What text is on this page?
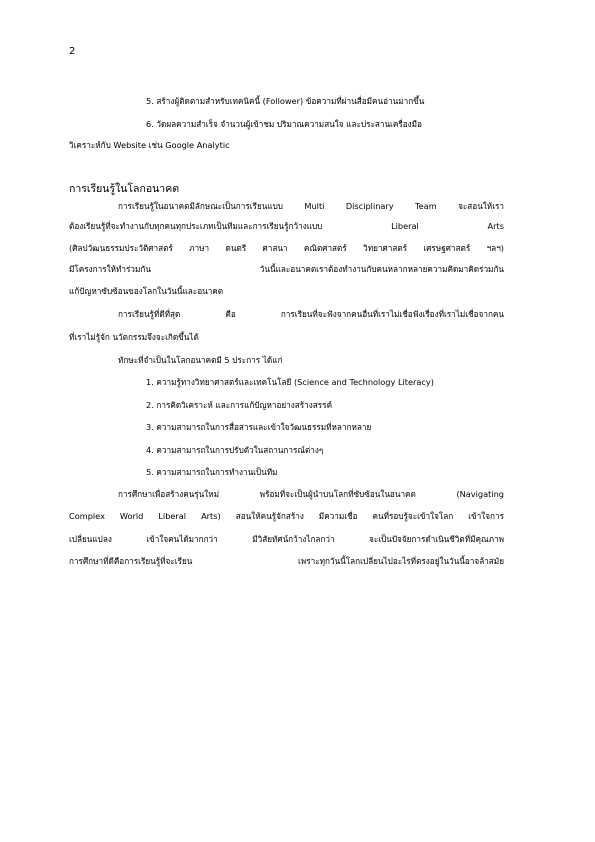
2
5. สร้างผู้ติดตามสำหรับเทคนิคนี้ (Follower) ข้อความที่ผ่านสื่อมีคนอ่านมากขึ้น
6. วัดผลความสำเร็จ จำนวนผู้เข้าชม ปริมาณความสนใจ และประสานเครื่องมือ
วิเคราะห์กับ Website เช่น Google Analytic
การเรียนรู้ในโลกอนาคต
การเรียนรู้ในอนาคตมีลักษณะเป็นการเรียนแบบ Multi Disciplinary Team จะสอนให้เรา
ต้องเรียนรู้ที่จะทำงานกับทุกคนทุกประเภทเป็นทีมและการเรียนรู้กว้างแบบ Liberal Arts
(ศิลปวัฒนธรรมประวัติศาสตร์ ภาษา ดนตรี ศาสนา คณิตศาสตร์ วิทยาศาสตร์ เศรษฐศาสตร์ ฯลฯ)
มีโครงการให้ทำร่วมกัน วันนี้และอนาคตเราต้องทำงานกับคนหลากหลายความคิดมาคิดร่วมกัน
แก้ปัญหาซับซ้อนของโลกในวันนี้และอนาคต
การเรียนรู้ที่ดีที่สุด คือ การเรียนที่จะฟังจากคนอื่นที่เราไม่เชื่อฟังเรื่องที่เราไม่เชื่อจากคน
ที่เราไม่รู้จัก นวัตกรรมจึงจะเกิดขึ้นได้
ทักษะที่จำเป็นในโลกอนาคตมี 5 ประการ ได้แก่
1. ความรู้ทางวิทยาศาสตร์และเทคโนโลยี (Science and Technology Literacy)
2. การคิดวิเคราะห์ และการแก้ปัญหาอย่างสร้างสรรค์
3. ความสามารถในการสื่อสารและเข้าใจวัฒนธรรมที่หลากหลาย
4. ความสามารถในการปรับตัวในสถานการณ์ต่างๆ
5. ความสามารถในการทำงานเป็นทีม
การศึกษาเพื่อสร้างคนรุ่นใหม่ พร้อมที่จะเป็นผู้นำบนโลกที่ซับซ้อนในอนาคต (Navigating
Complex World Liberal Arts) สอนให้คนรู้จักสร้าง มีความเชื่อ คนที่รอบรู้จะเข้าใจโลก เข้าใจการ
เปลี่ยนแปลง เข้าใจคนได้มากกว่า มีวิสัยทัศน์กว้างไกลกว่า จะเป็นปัจจัยการดำเนินชีวิตที่มีคุณภาพ
การศึกษาที่ดีคือการเรียนรู้ที่จะเรียน เพราะทุกวันนี้โลกเปลี่ยนไปอะไรที่ตรงอยู่ในวันนี้อาจล้าสมัย
